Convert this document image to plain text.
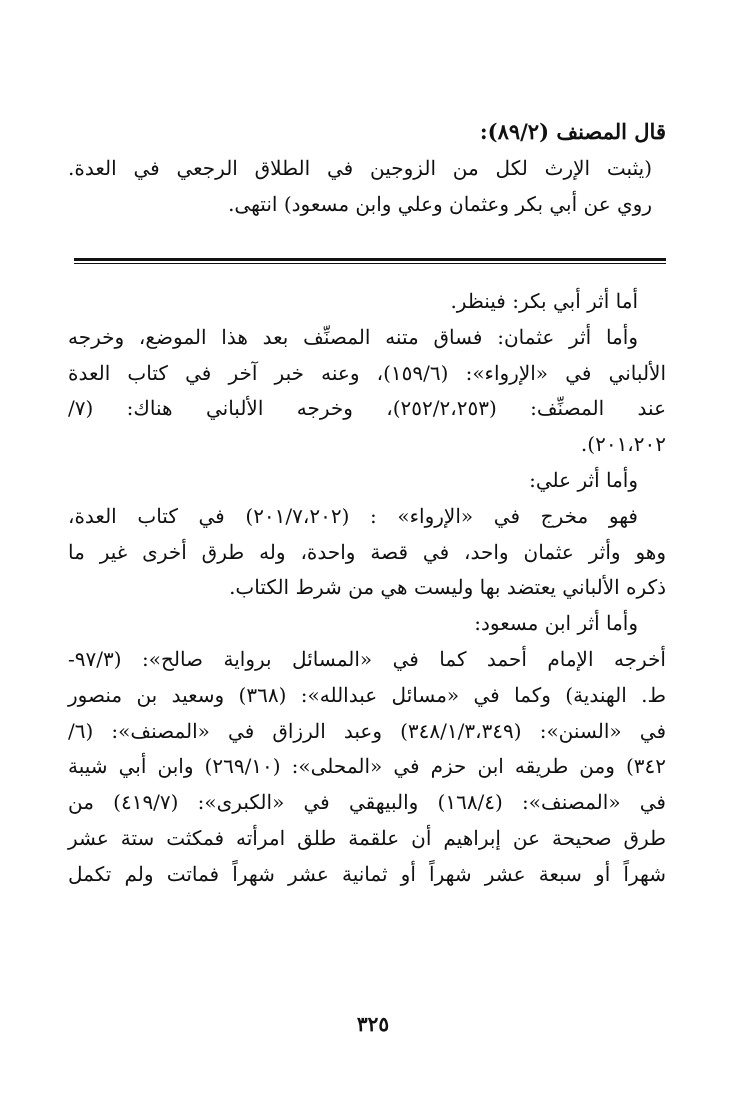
قال المصنف (٨٩/٢):
(يثبت الإرث لكل من الزوجين في الطلاق الرجعي في العدة.
روي عن أبي بكر وعثمان وعلي وابن مسعود) انتهى.
أما أثر أبي بكر: فينظر.
وأما أثر عثمان: فساق متنه المصنِّف بعد هذا الموضع، وخرجه
الألباني في «الإرواء»: (١٥٩/٦)، وعنه خبر آخر في كتاب العدة
عند المصنِّف: (٢٥٢/٢،٢٥٣)، وخرجه الألباني هناك: (٧/
٢٠١،٢٠٢).
وأما أثر علي:
فهو مخرج في «الإرواء» : (٢٠١/٧،٢٠٢) في كتاب العدة،
وهو وأثر عثمان واحد، في قصة واحدة، وله طرق أخرى غير ما
ذكره الألباني يعتضد بها وليست هي من شرط الكتاب.
وأما أثر ابن مسعود:
أخرجه الإمام أحمد كما في «المسائل برواية صالح»: (٩٧/٣-
ط. الهندية) وكما في «مسائل عبدالله»: (٣٦٨) وسعيد بن منصور
في «السنن»: (٣٤٨/١/٣،٣٤٩) وعبد الرزاق في «المصنف»: (٦/
٣٤٢) ومن طريقه ابن حزم في «المحلى»: (٢٦٩/١٠) وابن أبي شيبة
في «المصنف»: (١٦٨/٤) والبيهقي في «الكبرى»: (٤١٩/٧) من
طرق صحيحة عن إبراهيم أن علقمة طلق امرأته فمكثت ستة عشر
شهراً أو سبعة عشر شهراً أو ثمانية عشر شهراً فماتت ولم تكمل
٣٢٥
